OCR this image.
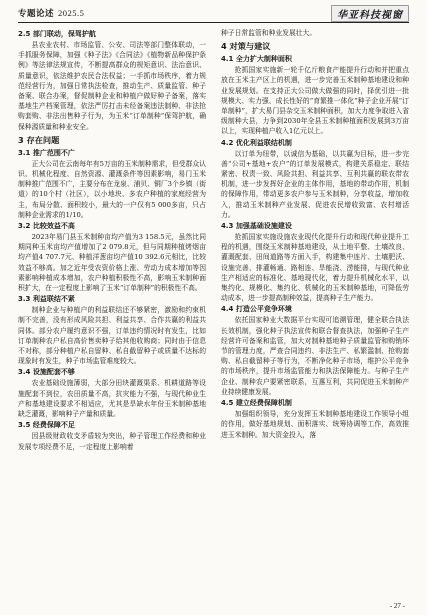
专题论述 2025.5	华亚科技视窗
2.5 部门联动，保驾护航

县农业农村、市场监管、公安、司法等部门整体联动，一手抓服务保障，加强《种子法》《合同法》《植物新品种保护条例》等法律法规宣传，不断提高群众的规矩意识、法治意识、质量意识，依法维护农民合法权益；一手抓市场秩序，着力规范经营行为，加强日常执法检查，推动生产、质量监管、种子备案、联合办案，督促制种企业和种植户做好种子备案，落实基地生产档案管理，依法严厉打击未经备案违法制种、非法抢购套购、非法出售种子行为，为玉米“订单制种”保驾护航，确保种源质量和种业安全。

3 存在问题
3.1 推广范围不广

正大公司在云南每年有5万亩的玉米制种需求，但受群众认识、机械化程度、自然资源、灌溉条件等因素影响，易门玉米制种推广范围不广，主要分布在龙泉、浦贝、铜厂3个乡镇（街道）的10个村（社区），以小地块、多农户种植的家庭经营为主，布局分散、面积较小，最大的一户仅有5 000多亩，只占制种企业需求的1/10。

3.2 比较效益不高

2023年易门县玉米制种亩均产值为3 158.5元，虽然比同期同种玉米亩均产值增加了2 079.8元，但与同期种植烤烟亩均产值4 707.7元、种植洋葱亩均产值10 392.6元相比，比较效益不够高。加之近年受农资价格上涨、劳动力成本增加等因素影响种植成本增加，农户种植积极性不高，影响玉米制种面积扩大，在一定程度上影响了玉米“订单制种”的积极性不高。

3.3 利益联结不紧

制种企业与种植户的利益联结还不够紧密，激励和约束机制不完善，没有形成风险共担、利益共享、合作共赢的利益共同体。部分农户履约意识不强，订单违约情况时有发生，比如订单制种农户私自高价售卖种子给其他收购商；同时由于信息不对称，部分种植户私自留种、私自截留种子或质量不达标的现象时有发生，种子市场监管难度较大。

3.4 设施配套不够

农业基础设施薄弱，大部分田块灌溉渠系、机耕道路等设施配套不到位，农田质量不高，抗灾能力不强，与现代种业生产和基地建设要求不相适应，尤其是旱缺水年份玉米制种基地缺乏灌溉，影响种子产量和质量。

3.5 经费保障不足

因县级财政收支矛盾较为突出，种子管理工作经费和种业发展专项经费不足，一定程度上影响着

种子日常监管和种业发展壮大。

4 对策与建议
4.1 全力扩大制种面积

抢抓国家实施新一轮千亿斤粮食产能提升行动和并把重点放在玉米主产区上的机遇，进一步完善玉米制种基地建设和种业发展规划。在支持正大公司做大做强的同时，择优引进一批规模大、实力强、成长性好的“育繁推一体化”种子企业开展“订单制种”，扩大易门县杂交玉米制种面积，加大力度争取进入省级制种大县，力争到2030年全县玉米制种植面积发展到3万亩以上，实现种植户收入1亿元以上。

4.2 优化利益联结机制

以订单为纽带，以诚信为基础，以共赢为目标，进一步完善“公司+基地+农户”的订单发展模式，构建关系稳定、联结紧密、权责一致、风险共担、利益共享、互利共赢的联农带农机制，进一步发挥好企业的主体作用，基地的带动作用，机制的保障作用，带动更多农户参与玉米制种，分享收益，增加收入，推动玉米制种产业发展、促进农民增收致富、农村增活力。

4.3 加强基础设施建设

抢抓国家实施设施农业现代化提升行动和现代种业提升工程的机遇，围绕玉米制种基地建设，从土地平整、土壤改良、灌溉配套、田间道路等方面入手，构建集中连片、土壤肥沃、设施完善、排灌畅通、路相连、旱能浇、涝能排，与现代种业生产相适应的标准化、基地现代化，着力提升机械化水平，以集约化、规模化、集约化、机械化的玉米制种基地，可降低劳动成本，进一步提高制种效益，提高种子生产能力。

4.4 打造公平竞争环境

依托国家种业大数据平台实现可追溯管理，健全联合执法长效机制，强化种子执法宣传和联合督查执法，加强种子生产经营许可备案和监管，加大对制种基地种子质量监管和购销环节的管理力度，严查合同违约、非法生产、私繁滥制、抢购套购、私自截留种子等行为，不断净化种子市场，维护公平竞争的市场秩序，提升市场监管能力和执法保障能力。与种子生产企业、制种农户要紧密联系，互惠互利，共同促进玉米制种产业持续健康发展。

4.5 建立经费保障机制

加强组织领导，充分发挥玉米制种基地建设工作领导小组的作用，做好基地规划、面积落实、统筹协调等工作，高效推进玉米制种。加大资金投入，落

- 27 -
